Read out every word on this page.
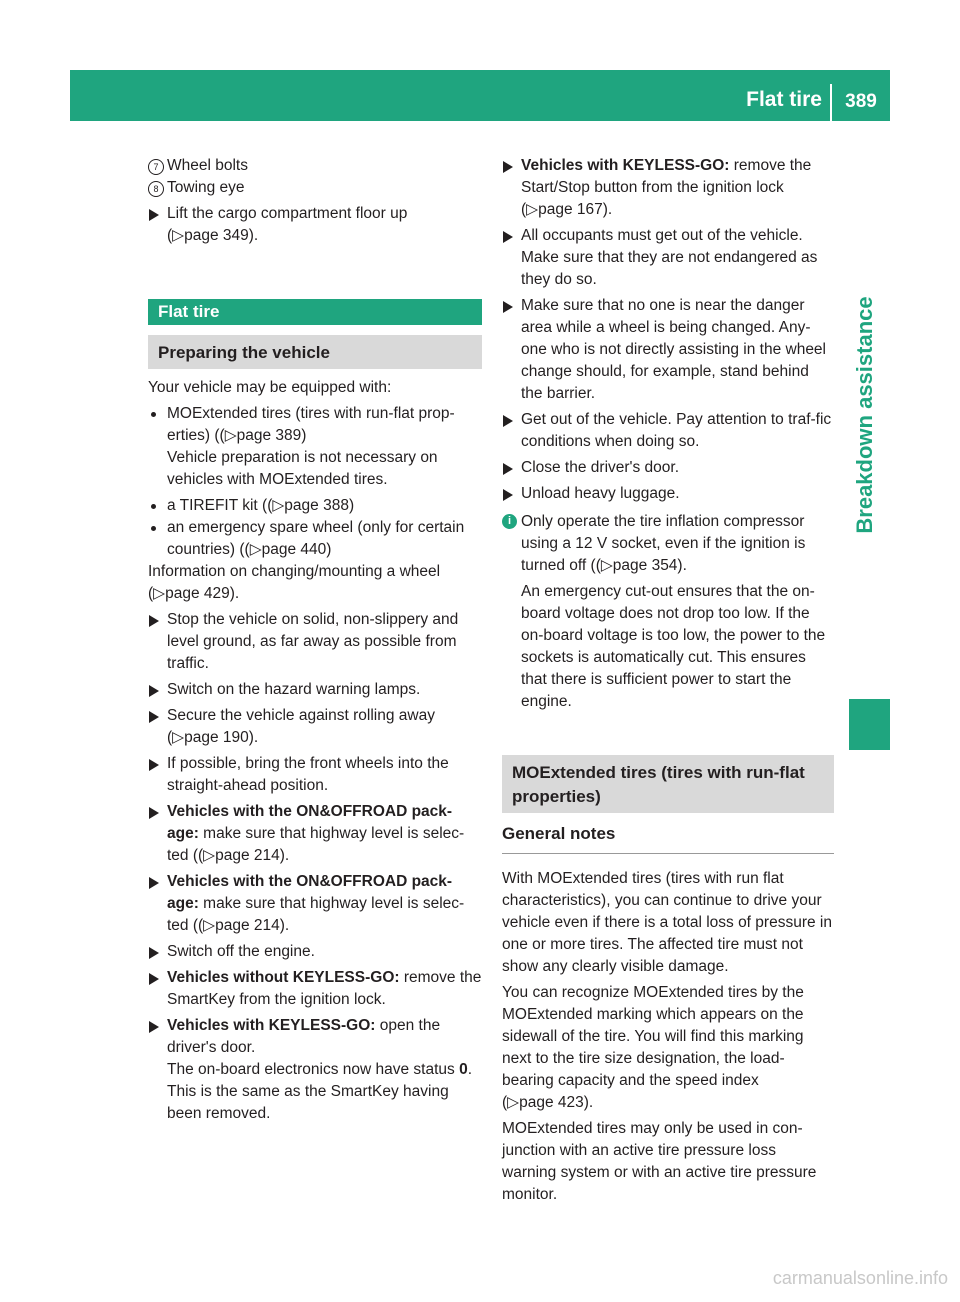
Flat tire	389
Breakdown assistance
7 Wheel bolts
8 Towing eye
Lift the cargo compartment floor up
(▷ page 349).
Flat tire
Preparing the vehicle

Your vehicle may be equipped with:

MOExtended tires (tires with run-flat prop-erties) ( (▷ page 389)

Vehicle preparation is not necessary on vehicles with MOExtended tires.

a TIREFIT kit ( (▷ page 388)
an emergency spare wheel (only for certain countries) ( (▷ page 440)

Information on changing/mounting a wheel
(▷ page 429).

Stop the vehicle on solid, non-slippery and level ground, as far away as possible from traffic.
Switch on the hazard warning lamps.
Secure the vehicle against rolling away
(▷ page 190).
If possible, bring the front wheels into the straight-ahead position.
Vehicles with the ON&OFFROAD pack-age: make sure that highway level is selec-ted ( (▷ page 214).
Vehicles with the ON&OFFROAD pack-age: make sure that highway level is selec-ted ( (▷ page 214).
Switch off the engine.
Vehicles without KEYLESS-GO: remove the SmartKey from the ignition lock.
Vehicles with KEYLESS-GO: open the driver's door.
The on-board electronics now have status 0. This is the same as the SmartKey having been removed.
Vehicles with KEYLESS-GO: remove the Start/Stop button from the ignition lock
(▷ page 167).
All occupants must get out of the vehicle. Make sure that they are not endangered as they do so.
Make sure that no one is near the danger area while a wheel is being changed. Any-one who is not directly assisting in the wheel change should, for example, stand behind the barrier.
Get out of the vehicle. Pay attention to traf-fic conditions when doing so.
Close the driver's door.
Unload heavy luggage.
i Only operate the tire inflation compressor using a 12 V socket, even if the ignition is turned off ( (▷ page 354).

An emergency cut-out ensures that the on-board voltage does not drop too low. If the on-board voltage is too low, the power to the sockets is automatically cut. This ensures that there is sufficient power to start the engine.

MOExtended tires (tires with run-flat properties)
General notes

With MOExtended tires (tires with run flat characteristics), you can continue to drive your vehicle even if there is a total loss of pressure in one or more tires. The affected tire must not show any clearly visible damage.

You can recognize MOExtended tires by the MOExtended marking which appears on the sidewall of the tire. You will find this marking next to the tire size designation, the load-bearing capacity and the speed index
(▷ page 423).

MOExtended tires may only be used in con-junction with an active tire pressure loss warning system or with an active tire pressure monitor.

carmanualsonline.info
